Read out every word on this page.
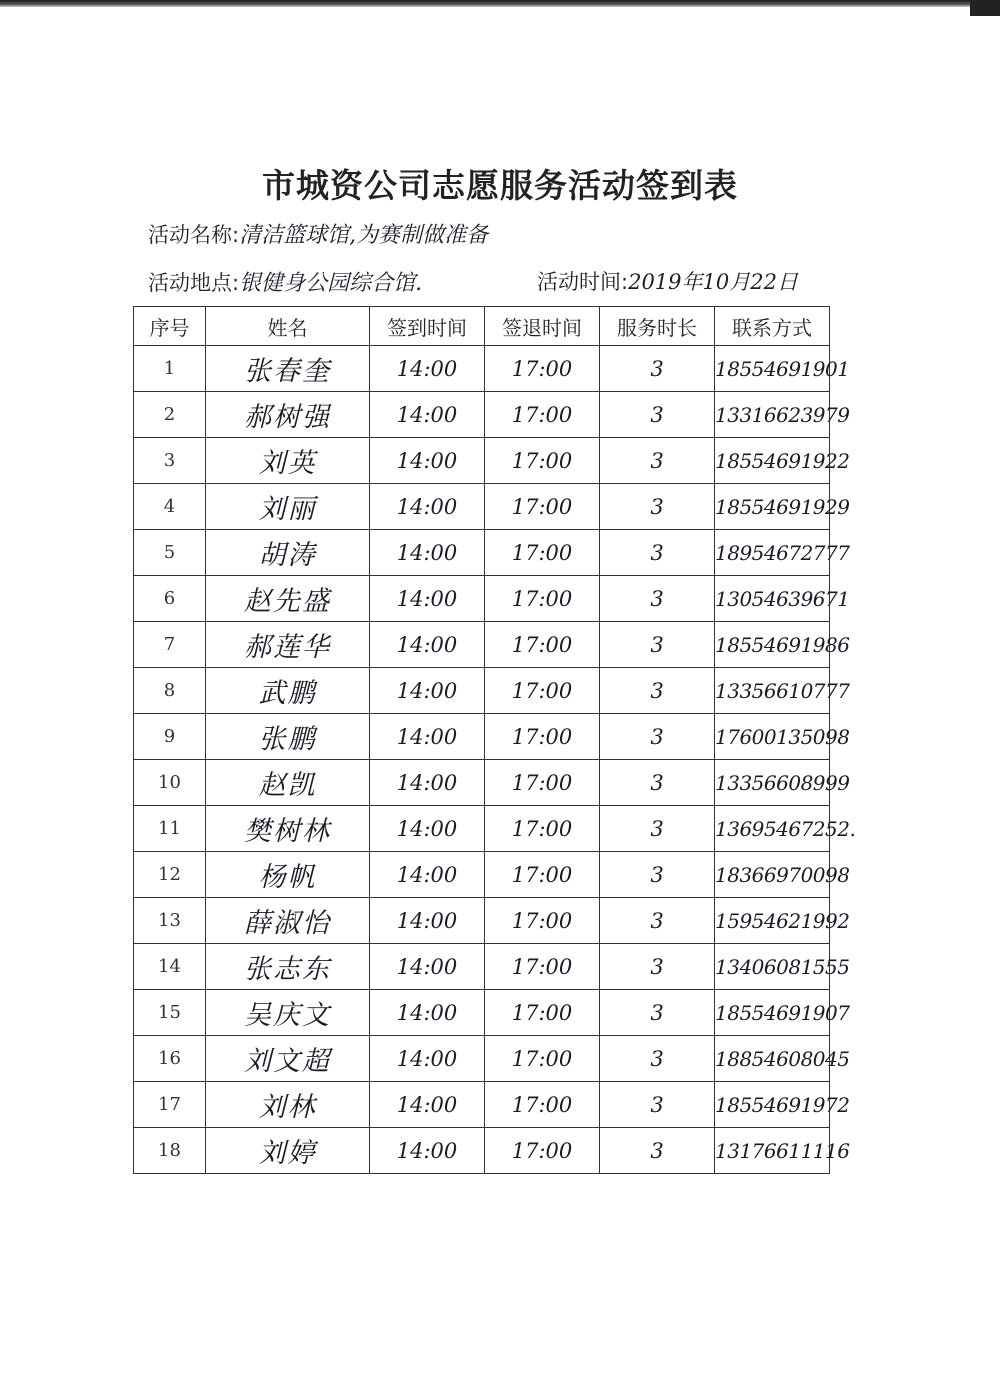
市城资公司志愿服务活动签到表
活动名称:清洁篮球馆,为赛制做准备
活动地点:银健身公园综合馆.	活动时间:2019年10月22日
序号	姓名	签到时间	签退时间	服务时长	联系方式
1	张春奎	14:00	17:00	3	18554691901
2	郝树强	14:00	17:00	3	13316623979
3	刘英	14:00	17:00	3	18554691922
4	刘丽	14:00	17:00	3	18554691929
5	胡涛	14:00	17:00	3	18954672777
6	赵先盛	14:00	17:00	3	13054639671
7	郝莲华	14:00	17:00	3	18554691986
8	武鹏	14:00	17:00	3	13356610777
9	张鹏	14:00	17:00	3	17600135098
10	赵凯	14:00	17:00	3	13356608999
11	樊树林	14:00	17:00	3	13695467252.
12	杨帆	14:00	17:00	3	18366970098
13	薛淑怡	14:00	17:00	3	15954621992
14	张志东	14:00	17:00	3	13406081555
15	吴庆文	14:00	17:00	3	18554691907
16	刘文超	14:00	17:00	3	18854608045
17	刘林	14:00	17:00	3	18554691972
18	刘婷	14:00	17:00	3	13176611116
